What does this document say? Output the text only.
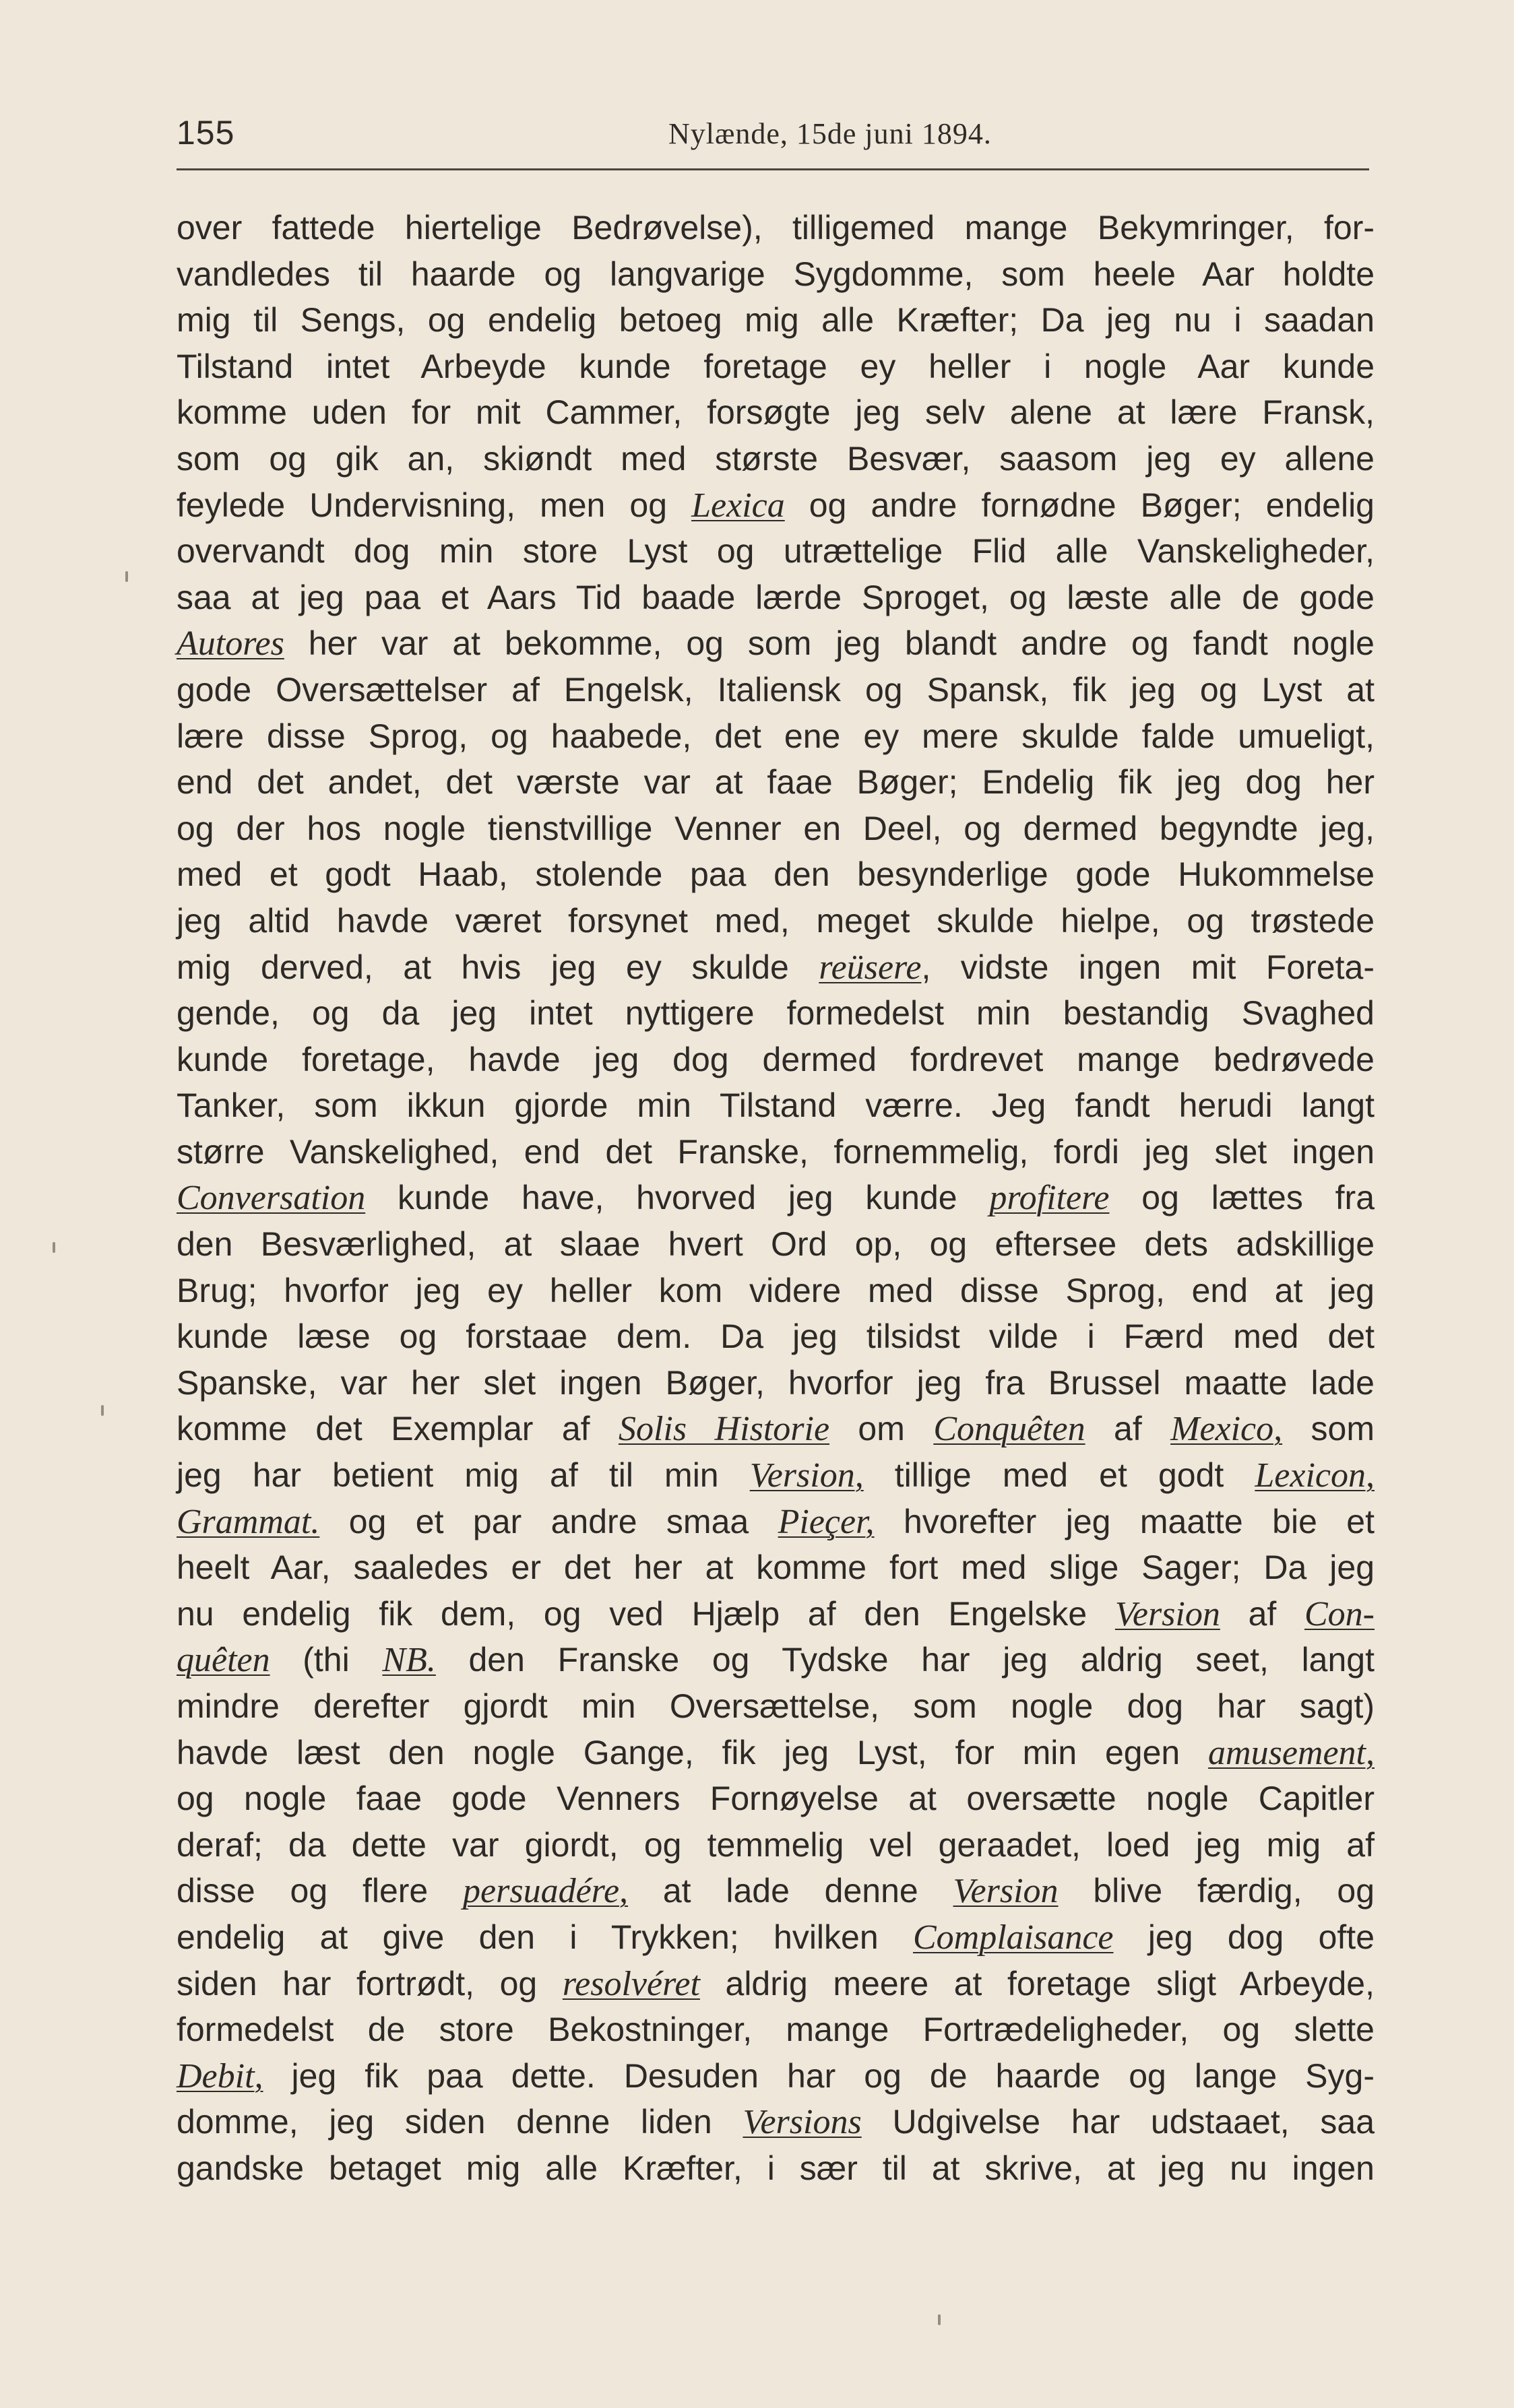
155	Nylænde, 15de juni 1894.
over fattede hiertelige Bedrøvelse), tilligemed mange Bekymringer, for-
vandledes til haarde og langvarige Sygdomme, som heele Aar holdte
mig til Sengs, og endelig betoeg mig alle Kræfter; Da jeg nu i saadan
Tilstand intet Arbeyde kunde foretage ey heller i nogle Aar kunde
komme uden for mit Cammer, forsøgte jeg selv alene at lære Fransk,
som og gik an, skiøndt med største Besvær, saasom jeg ey allene
feylede Undervisning, men og Lexica og andre fornødne Bøger; endelig
overvandt dog min store Lyst og utrættelige Flid alle Vanskeligheder,
saa at jeg paa et Aars Tid baade lærde Sproget, og læste alle de gode
Autores her var at bekomme, og som jeg blandt andre og fandt nogle
gode Oversættelser af Engelsk, Italiensk og Spansk, fik jeg og Lyst at
lære disse Sprog, og haabede, det ene ey mere skulde falde umueligt,
end det andet, det værste var at faae Bøger; Endelig fik jeg dog her
og der hos nogle tienstvillige Venner en Deel, og dermed begyndte jeg,
med et godt Haab, stolende paa den besynderlige gode Hukommelse
jeg altid havde været forsynet med, meget skulde hielpe, og trøstede
mig derved, at hvis jeg ey skulde reüsere, vidste ingen mit Foreta-
gende, og da jeg intet nyttigere formedelst min bestandig Svaghed
kunde foretage, havde jeg dog dermed fordrevet mange bedrøvede
Tanker, som ikkun gjorde min Tilstand værre. Jeg fandt herudi langt
større Vanskelighed, end det Franske, fornemmelig, fordi jeg slet ingen
Conversation kunde have, hvorved jeg kunde profitere og lættes fra
den Besværlighed, at slaae hvert Ord op, og eftersee dets adskillige
Brug; hvorfor jeg ey heller kom videre med disse Sprog, end at jeg
kunde læse og forstaae dem. Da jeg tilsidst vilde i Færd med det
Spanske, var her slet ingen Bøger, hvorfor jeg fra Brussel maatte lade
komme det Exemplar af Solis Historie om Conquêten af Mexico, som
jeg har betient mig af til min Version, tillige med et godt Lexicon,
Grammat. og et par andre smaa Pieçer, hvorefter jeg maatte bie et
heelt Aar, saaledes er det her at komme fort med slige Sager; Da jeg
nu endelig fik dem, og ved Hjælp af den Engelske Version af Con-
quêten (thi NB. den Franske og Tydske har jeg aldrig seet, langt
mindre derefter gjordt min Oversættelse, som nogle dog har sagt)
havde læst den nogle Gange, fik jeg Lyst, for min egen amusement,
og nogle faae gode Venners Fornøyelse at oversætte nogle Capitler
deraf; da dette var giordt, og temmelig vel geraadet, loed jeg mig af
disse og flere persuadére, at lade denne Version blive færdig, og
endelig at give den i Trykken; hvilken Complaisance jeg dog ofte
siden har fortrødt, og resolvéret aldrig meere at foretage sligt Arbeyde,
formedelst de store Bekostninger, mange Fortrædeligheder, og slette
Debit, jeg fik paa dette. Desuden har og de haarde og lange Syg-
domme, jeg siden denne liden Versions Udgivelse har udstaaet, saa
gandske betaget mig alle Kræfter, i sær til at skrive, at jeg nu ingen
